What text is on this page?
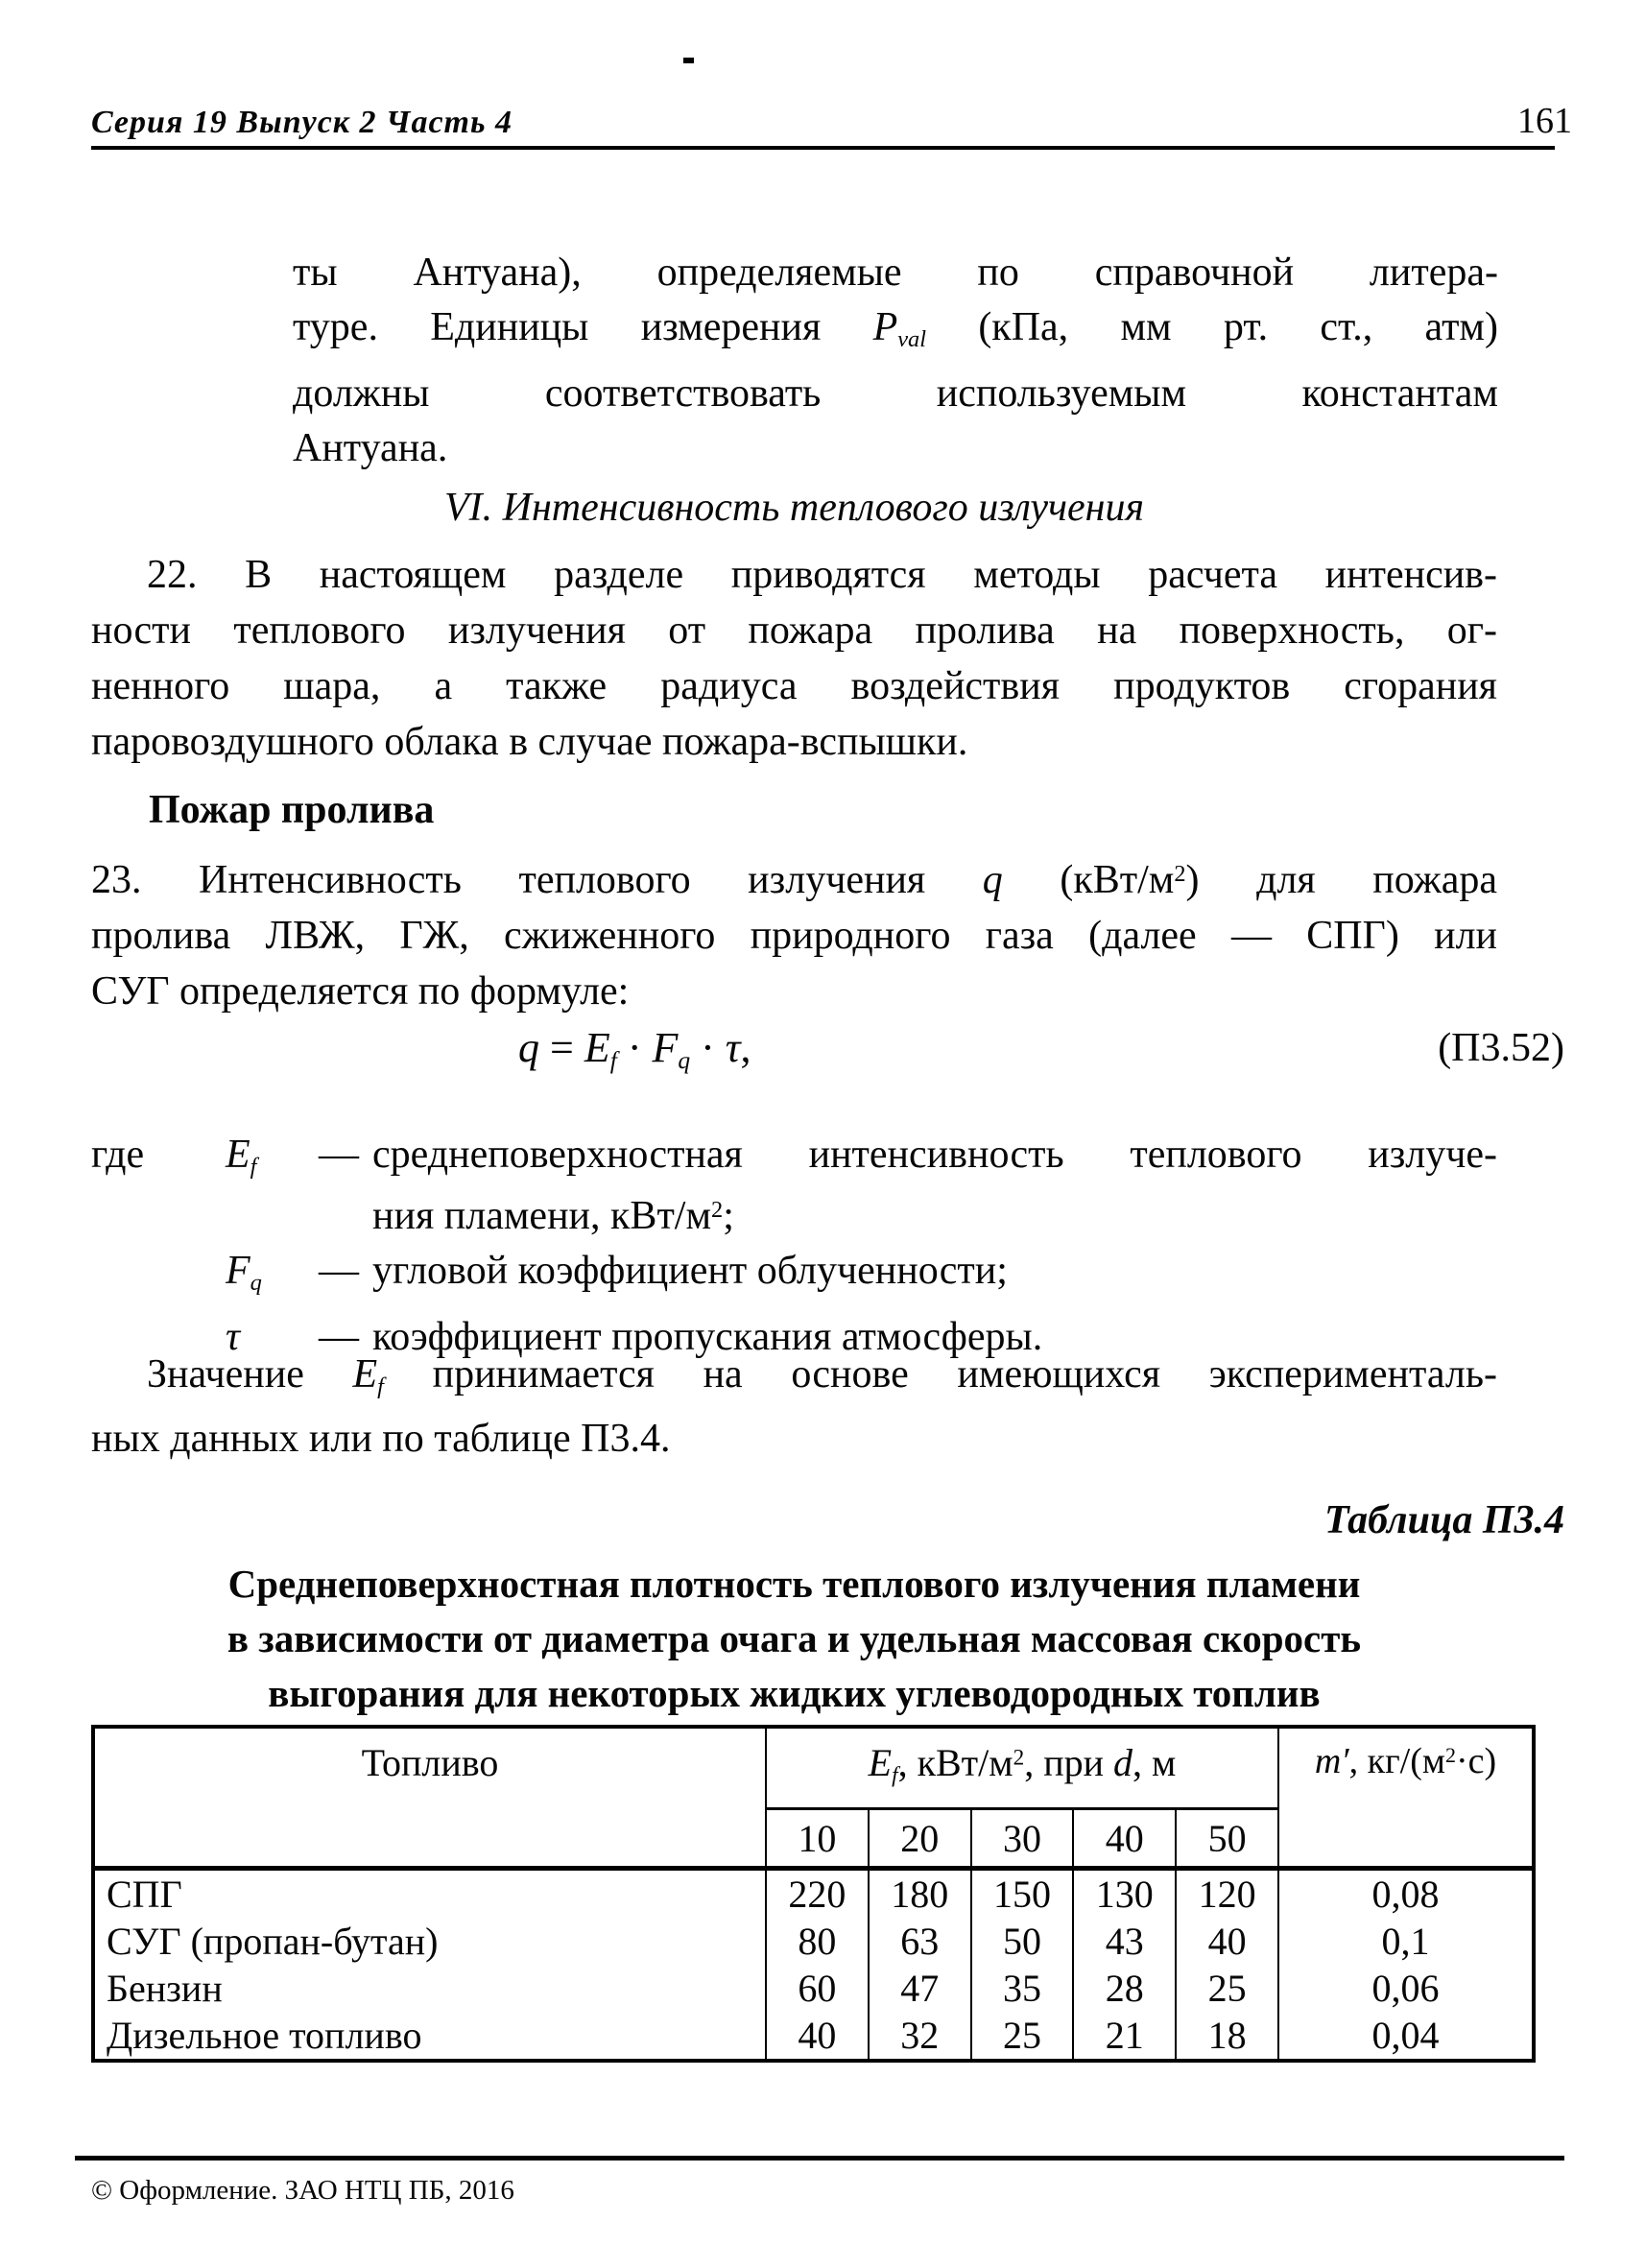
Серия 19 Выпуск 2 Часть 4	161
ты Антуана), определяемые по справочной литера-
туре. Единицы измерения $P_{val}$ (кПа, мм рт. ст., атм)
должны соответствовать используемым константам
Антуана.
VI. Интенсивность теплового излучения
22. В настоящем разделе приводятся методы расчета интенсив-
ности теплового излучения от пожара пролива на поверхность, ог-
ненного шара, а также радиуса воздействия продуктов сгорания
паровоздушного облака в случае пожара-вспышки.
Пожар пролива
23. Интенсивность теплового излучения q $(кВт/м^2)$ для пожара
пролива ЛВЖ, ГЖ, сжиженного природного газа (далее — СПГ) или
СУГ определяется по формуле:
$q = E_f \cdot F_q \cdot \tau$,	(П3.52)
где	$E_f$	— среднеповерхностная интенсивность теплового излуче-
ния пламени, кВт/$м^2$;
$F_q$	— угловой коэффициент облученности;
τ	— коэффициент пропускания атмосферы.
Значение $E_f$ принимается на основе имеющихся эксперименталь-
ных данных или по таблице П3.4.
Таблица П3.4
Среднеповерхностная плотность теплового излучения пламени
в зависимости от диаметра очага и удельная массовая скорость
выгорания для некоторых жидких углеводородных топлив
Топливо	$E_f$, кВт/$м^2$, при d, м					m′, $кг/(м^2\cdot с)$
	10	20	30	40	50	
СПГ	220	180	150	130	120	0,08
СУГ (пропан-бутан)	80	63	50	43	40	0,1
Бензин	60	47	35	28	25	0,06
Дизельное топливо	40	32	25	21	18	0,04
© Оформление. ЗАО НТЦ ПБ, 2016
